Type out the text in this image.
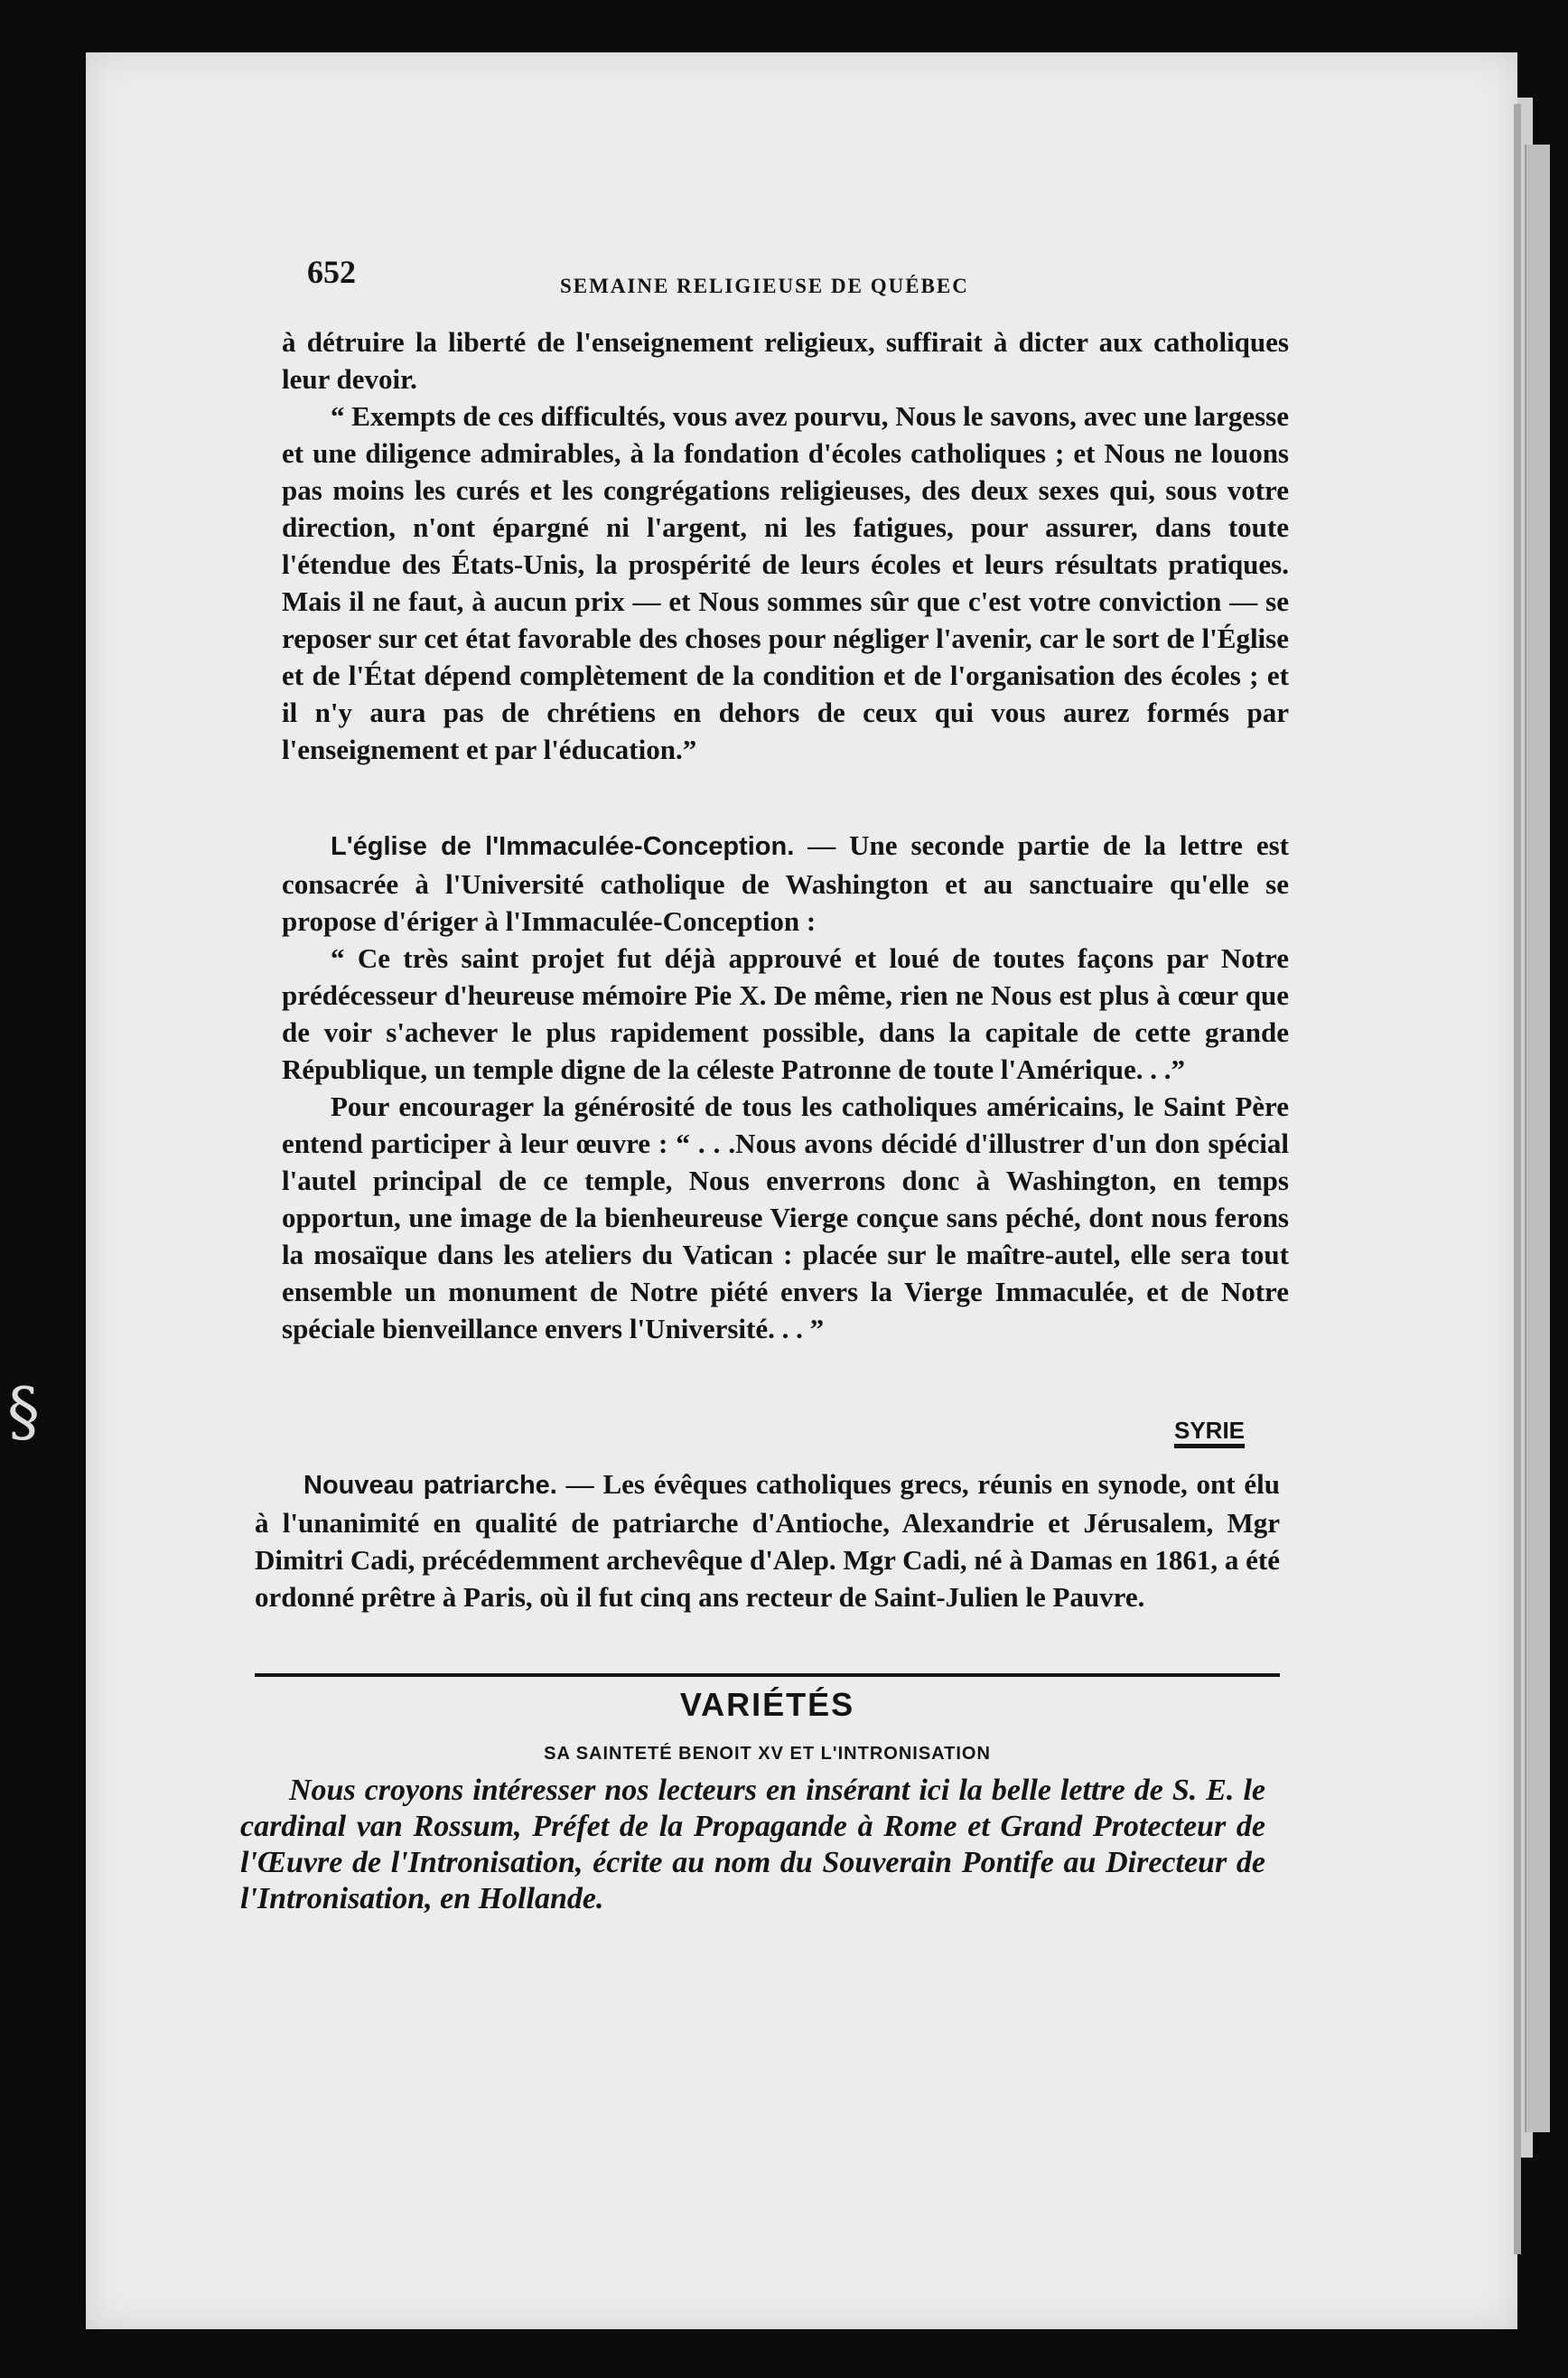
§
652	SEMAINE RELIGIEUSE DE QUÉBEC

à détruire la liberté de l'enseignement religieux, suffirait à dicter aux catholiques leur devoir.

“ Exempts de ces difficultés, vous avez pourvu, Nous le savons, avec une largesse et une diligence admirables, à la fondation d'écoles catholiques ; et Nous ne louons pas moins les curés et les congrégations religieuses, des deux sexes qui, sous votre direction, n'ont épargné ni l'argent, ni les fatigues, pour assurer, dans toute l'étendue des États-Unis, la prospérité de leurs écoles et leurs résultats pratiques. Mais il ne faut, à aucun prix — et Nous sommes sûr que c'est votre conviction — se reposer sur cet état favorable des choses pour négliger l'avenir, car le sort de l'Église et de l'État dépend complètement de la condition et de l'organisation des écoles ; et il n'y aura pas de chrétiens en dehors de ceux qui vous aurez formés par l'enseignement et par l'éducation.”

L'église de l'Immaculée-Conception. — Une seconde partie de la lettre est consacrée à l'Université catholique de Washington et au sanctuaire qu'elle se propose d'ériger à l'Immaculée-Conception :

“ Ce très saint projet fut déjà approuvé et loué de toutes façons par Notre prédécesseur d'heureuse mémoire Pie X. De même, rien ne Nous est plus à cœur que de voir s'achever le plus rapidement possible, dans la capitale de cette grande République, un temple digne de la céleste Patronne de toute l'Amérique. . .”

Pour encourager la générosité de tous les catholiques américains, le Saint Père entend participer à leur œuvre : “ . . .Nous avons décidé d'illustrer d'un don spécial l'autel principal de ce temple, Nous enverrons donc à Washington, en temps opportun, une image de la bienheureuse Vierge conçue sans péché, dont nous ferons la mosaïque dans les ateliers du Vatican : placée sur le maître-autel, elle sera tout ensemble un monument de Notre piété envers la Vierge Immaculée, et de Notre spéciale bienveillance envers l'Université. . . ”

SYRIE

Nouveau patriarche. — Les évêques catholiques grecs, réunis en synode, ont élu à l'unanimité en qualité de patriarche d'Antioche, Alexandrie et Jérusalem, Mgr Dimitri Cadi, précédemment archevêque d'Alep. Mgr Cadi, né à Damas en 1861, a été ordonné prêtre à Paris, où il fut cinq ans recteur de Saint-Julien le Pauvre.

VARIÉTÉS
SA SAINTETÉ BENOIT XV ET L'INTRONISATION

Nous croyons intéresser nos lecteurs en insérant ici la belle lettre de S. E. le cardinal van Rossum, Préfet de la Propagande à Rome et Grand Protecteur de l'Œuvre de l'Intronisation, écrite au nom du Souverain Pontife au Directeur de l'Intronisation, en Hollande.
